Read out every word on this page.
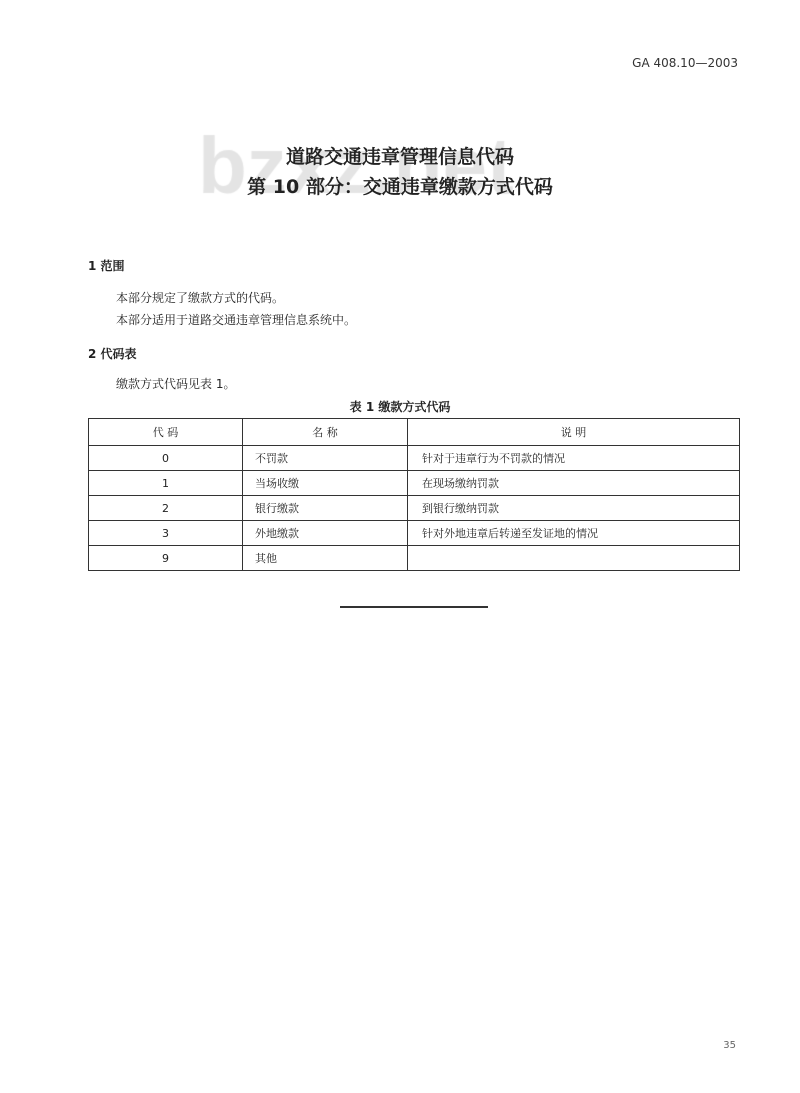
GA 408.10—2003
道路交通违章管理信息代码
第 10 部分：交通违章缴款方式代码
1 范围
本部分规定了缴款方式的代码。
本部分适用于道路交通违章管理信息系统中。
2 代码表
缴款方式代码见表 1。
表 1 缴款方式代码
代 码	名 称	说 明
0	不罚款	针对于违章行为不罚款的情况
1	当场收缴	在现场缴纳罚款
2	银行缴款	到银行缴纳罚款
3	外地缴款	针对外地违章后转递至发证地的情况
9	其他	
35
